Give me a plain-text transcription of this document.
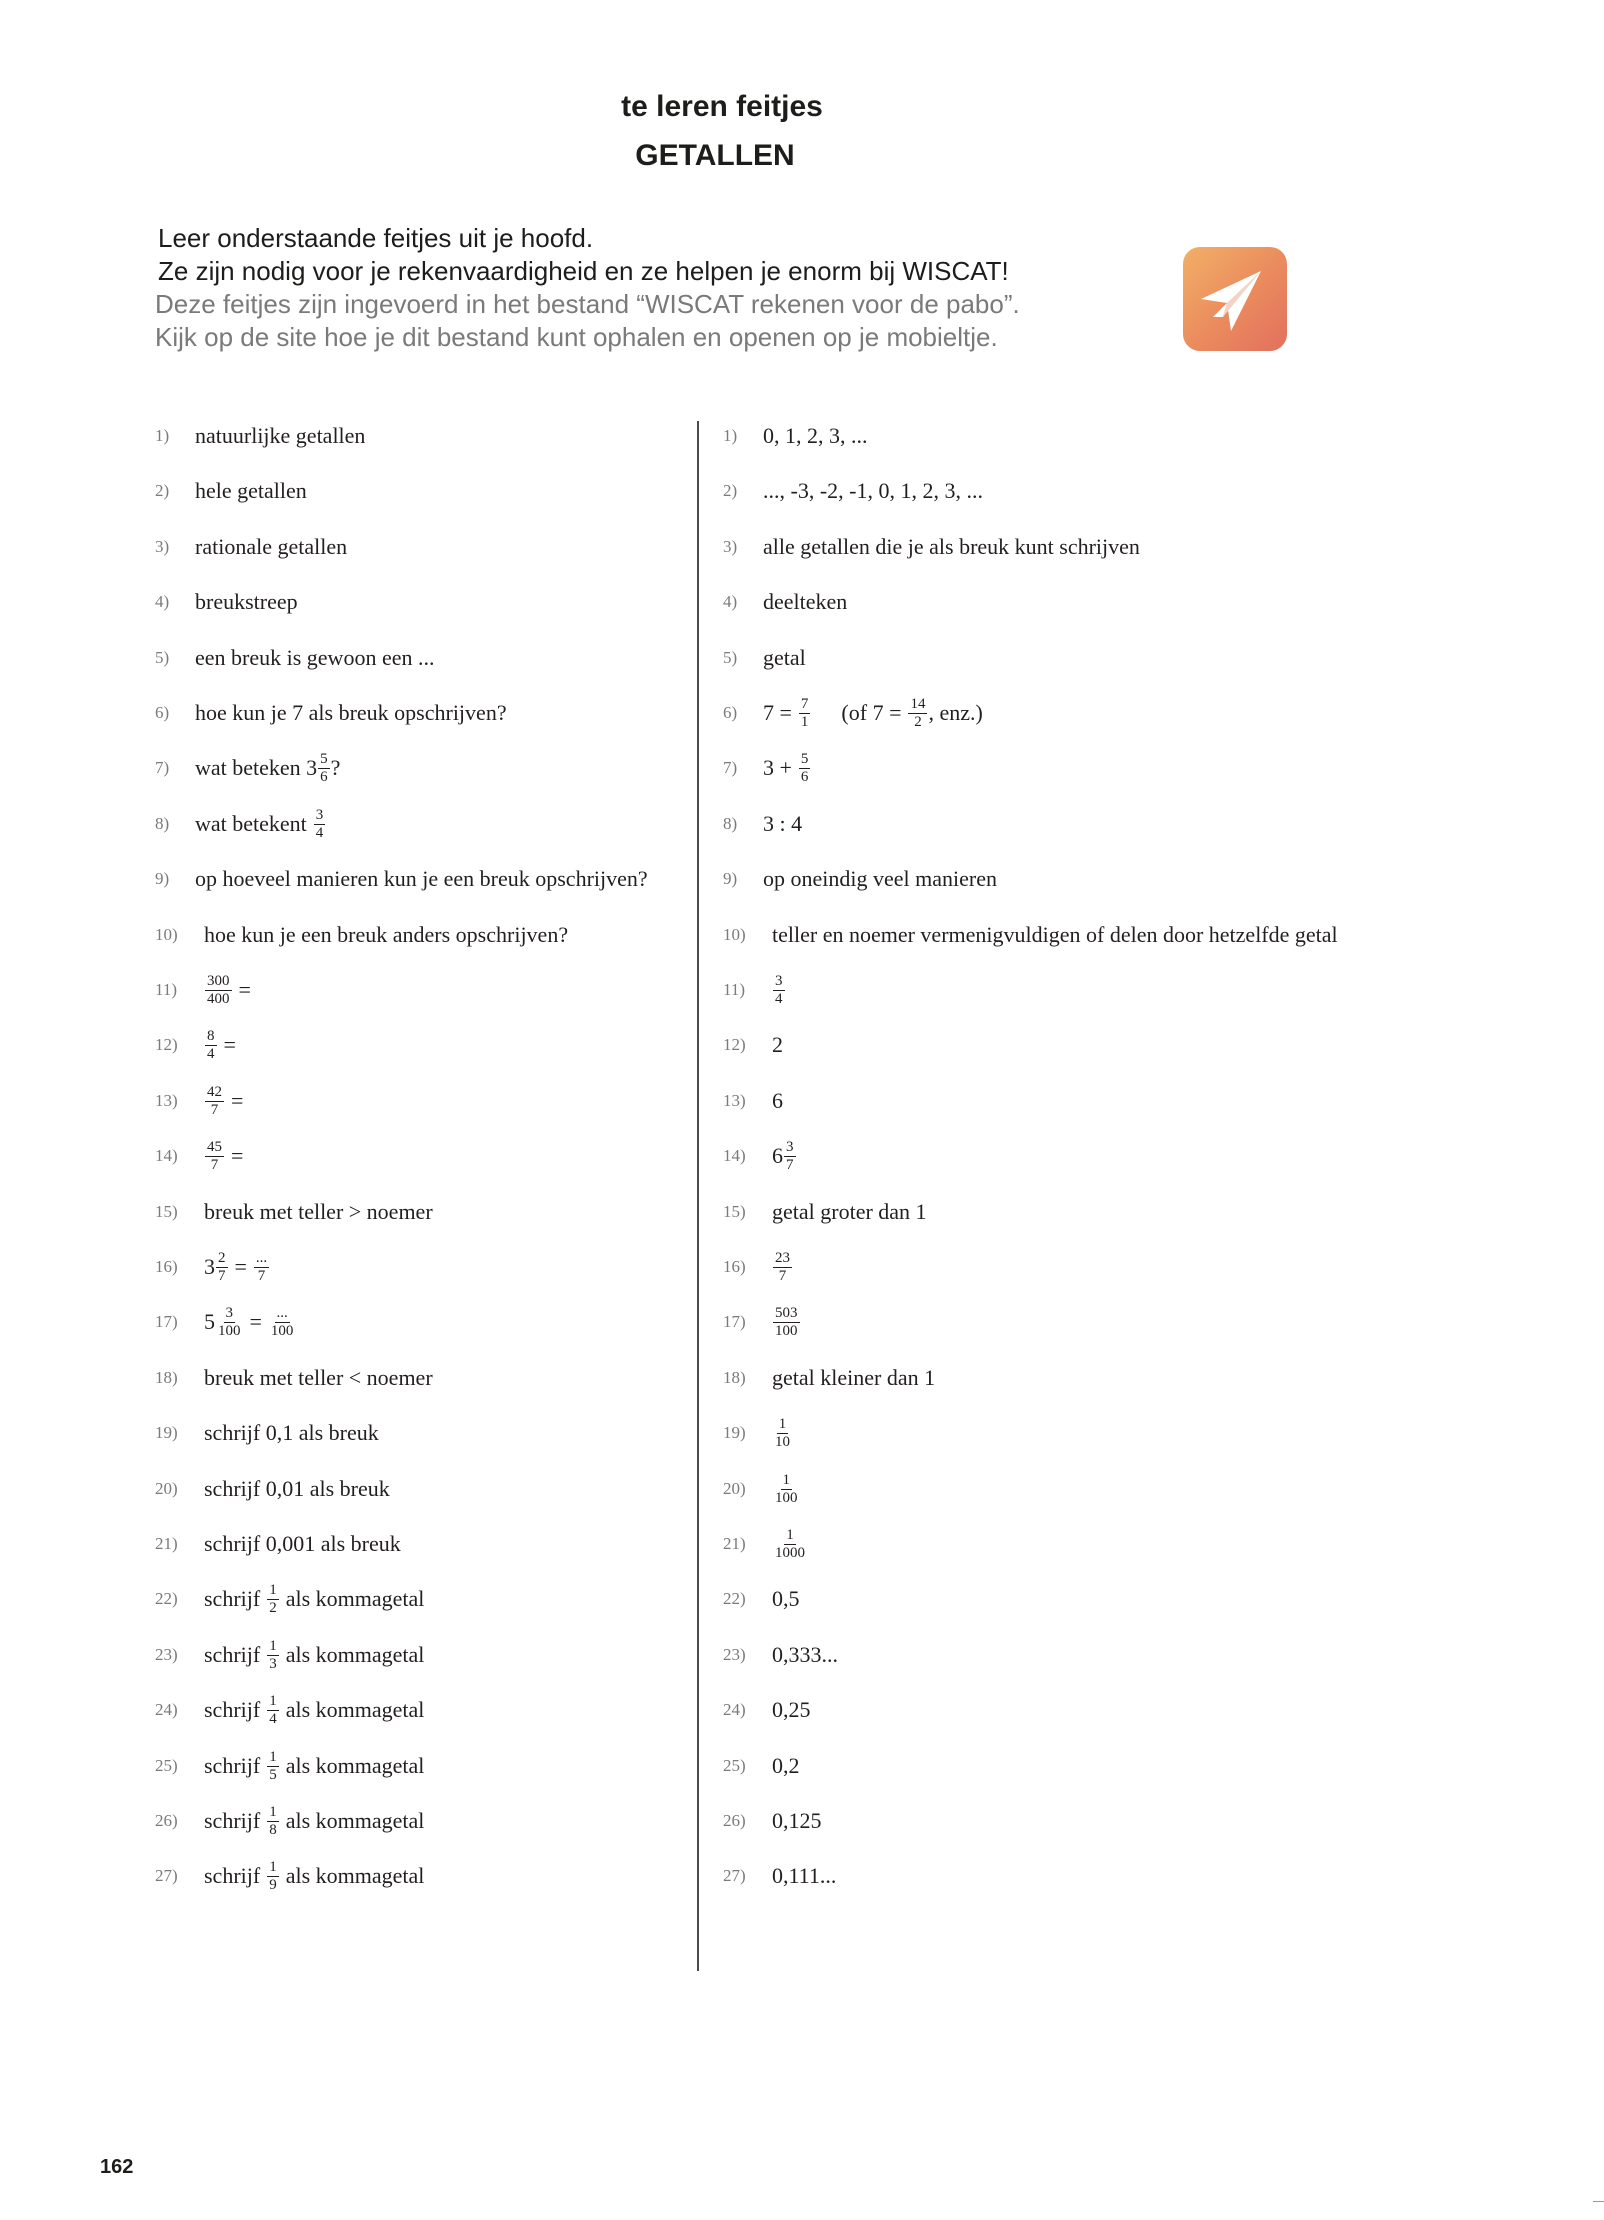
te leren feitjes
GETALLEN
Leer onderstaande feitjes uit je hoofd.
Ze zijn nodig voor je rekenvaardigheid en ze helpen je enorm bij WISCAT!
Deze feitjes zijn ingevoerd in het bestand “WISCAT rekenen voor de pabo”.
Kijk op de site hoe je dit bestand kunt ophalen en openen op je mobieltje.
1)	natuurlijke getallen	1)	0, 1, 2, 3, ...
2)	hele getallen	2)	..., -3, -2, -1, 0, 1, 2, 3, ...
3)	rationale getallen	3)	alle getallen die je als breuk kunt schrijven
4)	breukstreep	4)	deelteken
5)	een breuk is gewoon een ...	5)	getal
6)	hoe kun je 7 als breuk opschrijven?	6)	$7 = \frac{7}{1} (of$ $7 = \frac{14}{2}$ , enz.)
7)	wat beteken $3 \frac{5}{6}$ ?	7)	$3 + \frac{5}{6}$
8)	wat betekent $\frac{3}{4}$	8)	3 : 4
9)	op hoeveel manieren kun je een breuk opschrijven?	9)	op oneindig veel manieren
10)	hoe kun je een breuk anders opschrijven?	10)	teller en noemer vermenigvuldigen of delen door hetzelfde getal
11)	$\frac{300}{400}$ =	11)	$\frac{3}{4}$
12)	$\frac{8}{4}$ =	12)	2
13)	$\frac{42}{7}$ =	13)	6
14)	$\frac{45}{7}$ =	14)	$6 \frac{3}{7}$
15)	breuk met teller > noemer	15)	getal groter dan 1
16)	$3 \frac{2}{7} = \frac{...}{7}$	16)	$\frac{23}{7}$
17)	$5 \frac{3}{100} = \frac{...}{100}$	17)	$\frac{503}{100}$
18)	breuk met teller < noemer	18)	getal kleiner dan 1
19)	schrijf 0,1 als breuk	19)	$\frac{1}{10}$
20)	schrijf 0,01 als breuk	20)	$\frac{1}{100}$
21)	schrijf 0,001 als breuk	21)	$\frac{1}{1000}$
22)	schrijf $\frac{1}{2}$ als kommagetal	22)	0,5
23)	schrijf $\frac{1}{3}$ als kommagetal	23)	0,333...
24)	schrijf $\frac{1}{4}$ als kommagetal	24)	0,25
25)	schrijf $\frac{1}{5}$ als kommagetal	25)	0,2
26)	schrijf $\frac{1}{8}$ als kommagetal	26)	0,125
27)	schrijf $\frac{1}{9}$ als kommagetal	27)	0,111...
162
